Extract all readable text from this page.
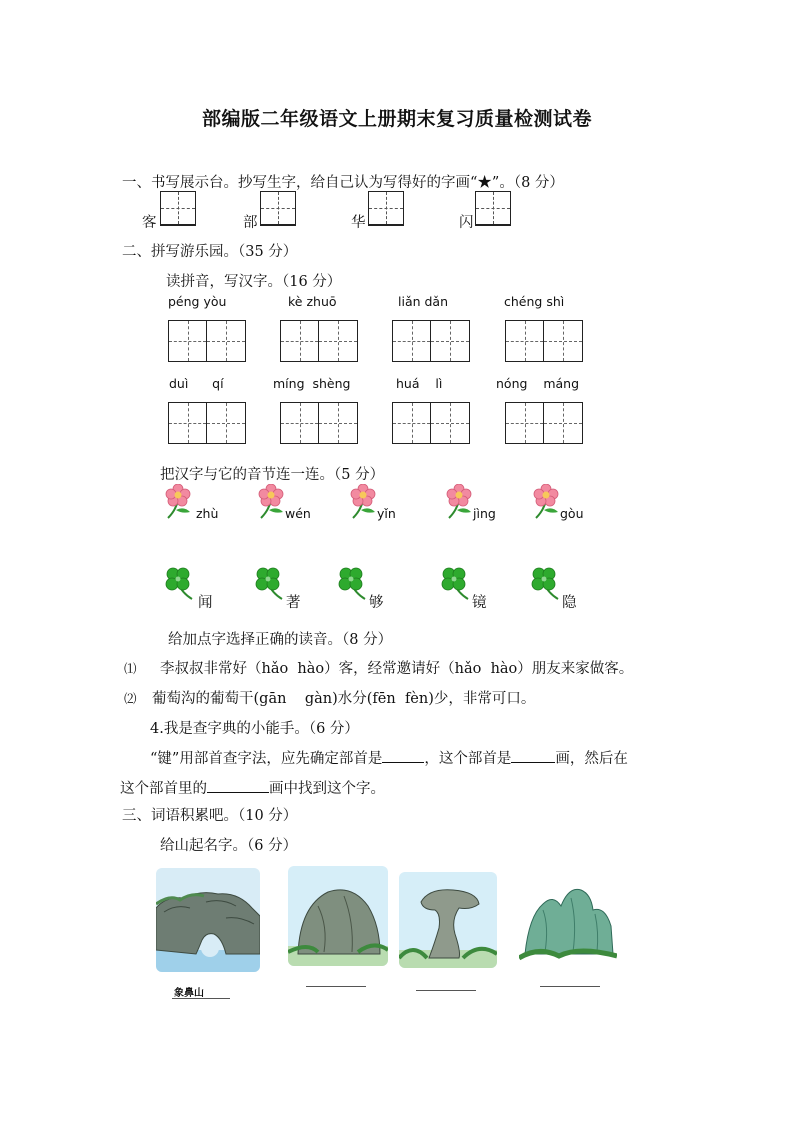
部编版二年级语文上册期末复习质量检测试卷
一、书写展示台。抄写生字，给自己认为写得好的字画“★”。（8 分）
客	部	华	闪
二、拼写游乐园。（35 分）
读拼音，写汉字。（16 分）
péng yòu	kè zhuō	liǎn dǎn	chéng shì
duì      qí	míng  shèng	huá    lì	nóng    máng
把汉字与它的音节连一连。（5 分）
zhù	wén	yǐn	jìng	gòu
闻	著	够	镜	隐
给加点字选择正确的读音。（8 分）
⑴ 李叔叔非常好（hǎo  hào）客，经常邀请好（hǎo  hào）朋友来家做客。
⑵ 葡萄沟的葡萄干(gān    gàn)水分(fēn  fèn)少，非常可口。
4.我是查字典的小能手。（6 分）
“键”用部首查字法，应先确定部首是	，这个部首是	画，然后在
这个部首里的	画中找到这个字。
三、词语积累吧。（10 分）
给山起名字。（6 分）
象鼻山
